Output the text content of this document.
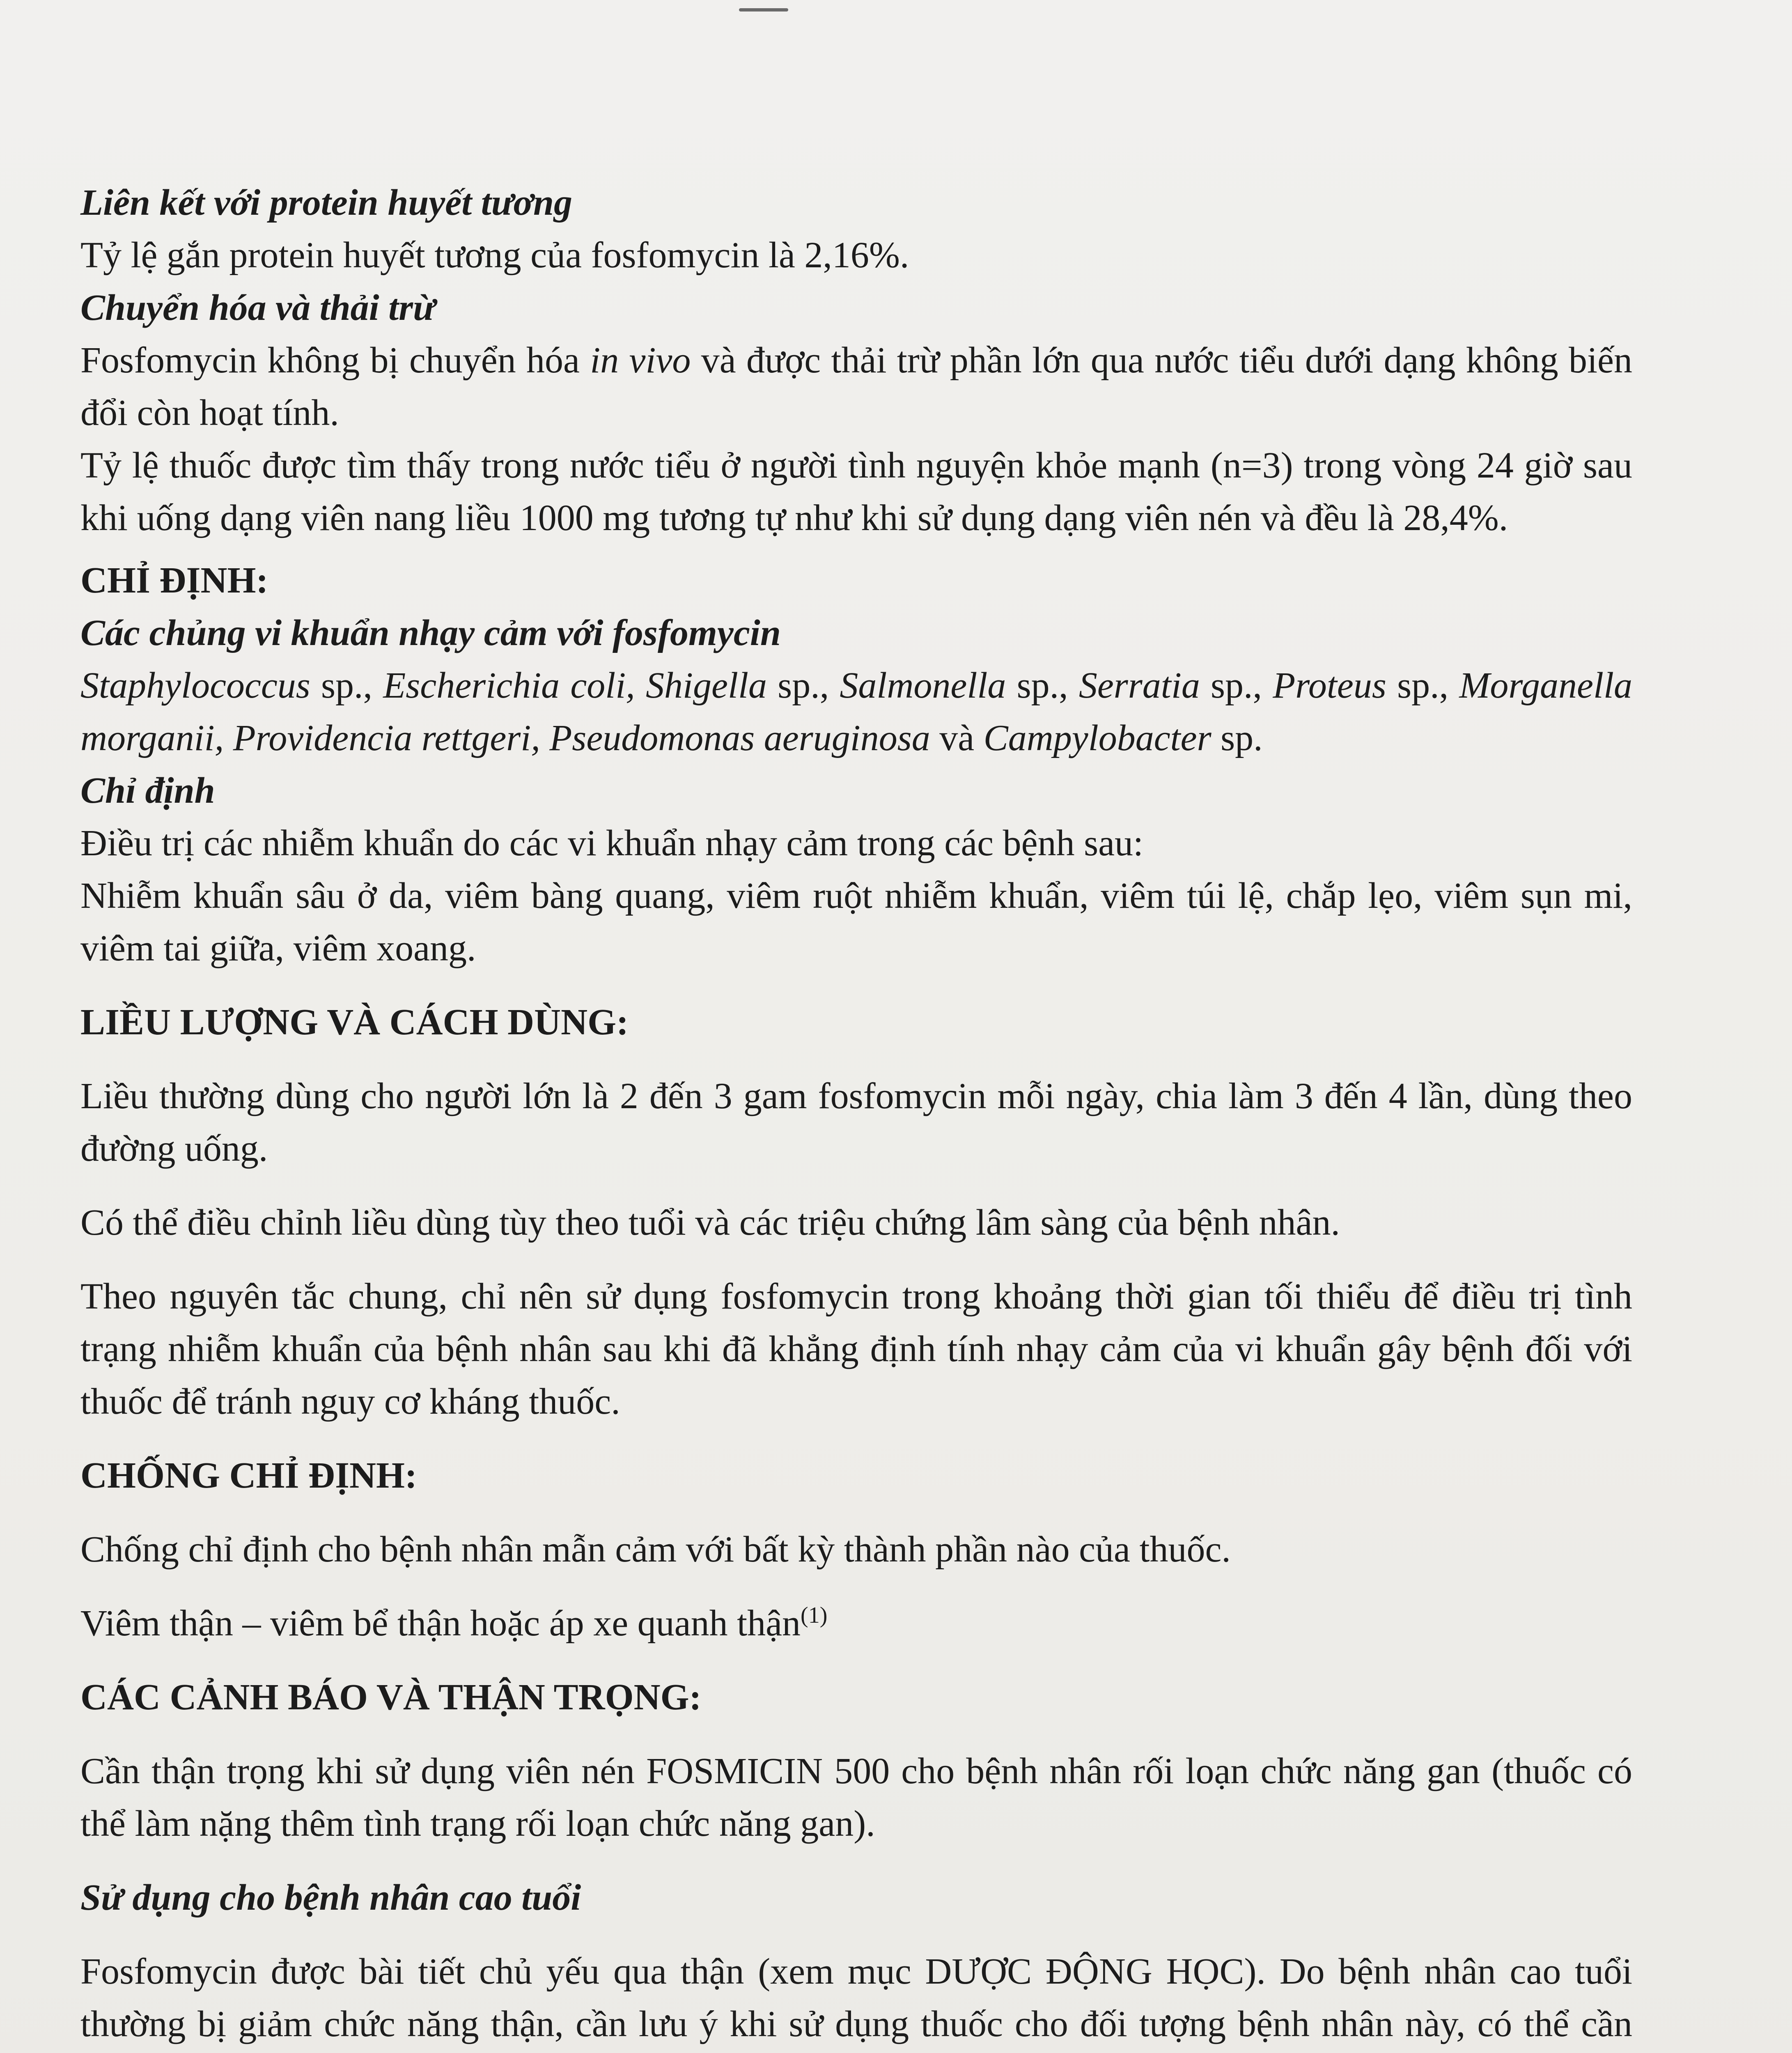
Liên kết với protein huyết tương

Tỷ lệ gắn protein huyết tương của fosfomycin là 2,16%.

Chuyển hóa và thải trừ

Fosfomycin không bị chuyển hóa in vivo và được thải trừ phần lớn qua nước tiểu dưới dạng không biến đổi còn hoạt tính.

Tỷ lệ thuốc được tìm thấy trong nước tiểu ở người tình nguyện khỏe mạnh (n=3) trong vòng 24 giờ sau khi uống dạng viên nang liều 1000 mg tương tự như khi sử dụng dạng viên nén và đều là 28,4%.

CHỈ ĐỊNH:

Các chủng vi khuẩn nhạy cảm với fosfomycin

Staphylococcus sp., Escherichia coli, Shigella sp., Salmonella sp., Serratia sp., Proteus sp., Morganella morganii, Providencia rettgeri, Pseudomonas aeruginosa và Campylobacter sp.

Chỉ định

Điều trị các nhiễm khuẩn do các vi khuẩn nhạy cảm trong các bệnh sau:

Nhiễm khuẩn sâu ở da, viêm bàng quang, viêm ruột nhiễm khuẩn, viêm túi lệ, chắp lẹo, viêm sụn mi, viêm tai giữa, viêm xoang.

LIỀU LƯỢNG VÀ CÁCH DÙNG:

Liều thường dùng cho người lớn là 2 đến 3 gam fosfomycin mỗi ngày, chia làm 3 đến 4 lần, dùng theo đường uống.

Có thể điều chỉnh liều dùng tùy theo tuổi và các triệu chứng lâm sàng của bệnh nhân.

Theo nguyên tắc chung, chỉ nên sử dụng fosfomycin trong khoảng thời gian tối thiểu để điều trị tình trạng nhiễm khuẩn của bệnh nhân sau khi đã khẳng định tính nhạy cảm của vi khuẩn gây bệnh đối với thuốc để tránh nguy cơ kháng thuốc.

CHỐNG CHỈ ĐỊNH:

Chống chỉ định cho bệnh nhân mẫn cảm với bất kỳ thành phần nào của thuốc.

Viêm thận – viêm bể thận hoặc áp xe quanh thận$^{(1)}$

CÁC CẢNH BÁO VÀ THẬN TRỌNG:

Cần thận trọng khi sử dụng viên nén FOSMICIN 500 cho bệnh nhân rối loạn chức năng gan (thuốc có thể làm nặng thêm tình trạng rối loạn chức năng gan).

Sử dụng cho bệnh nhân cao tuổi

Fosfomycin được bài tiết chủ yếu qua thận (xem mục DƯỢC ĐỘNG HỌC). Do bệnh nhân cao tuổi thường bị giảm chức năng thận, cần lưu ý khi sử dụng thuốc cho đối tượng bệnh nhân này, có thể cần
